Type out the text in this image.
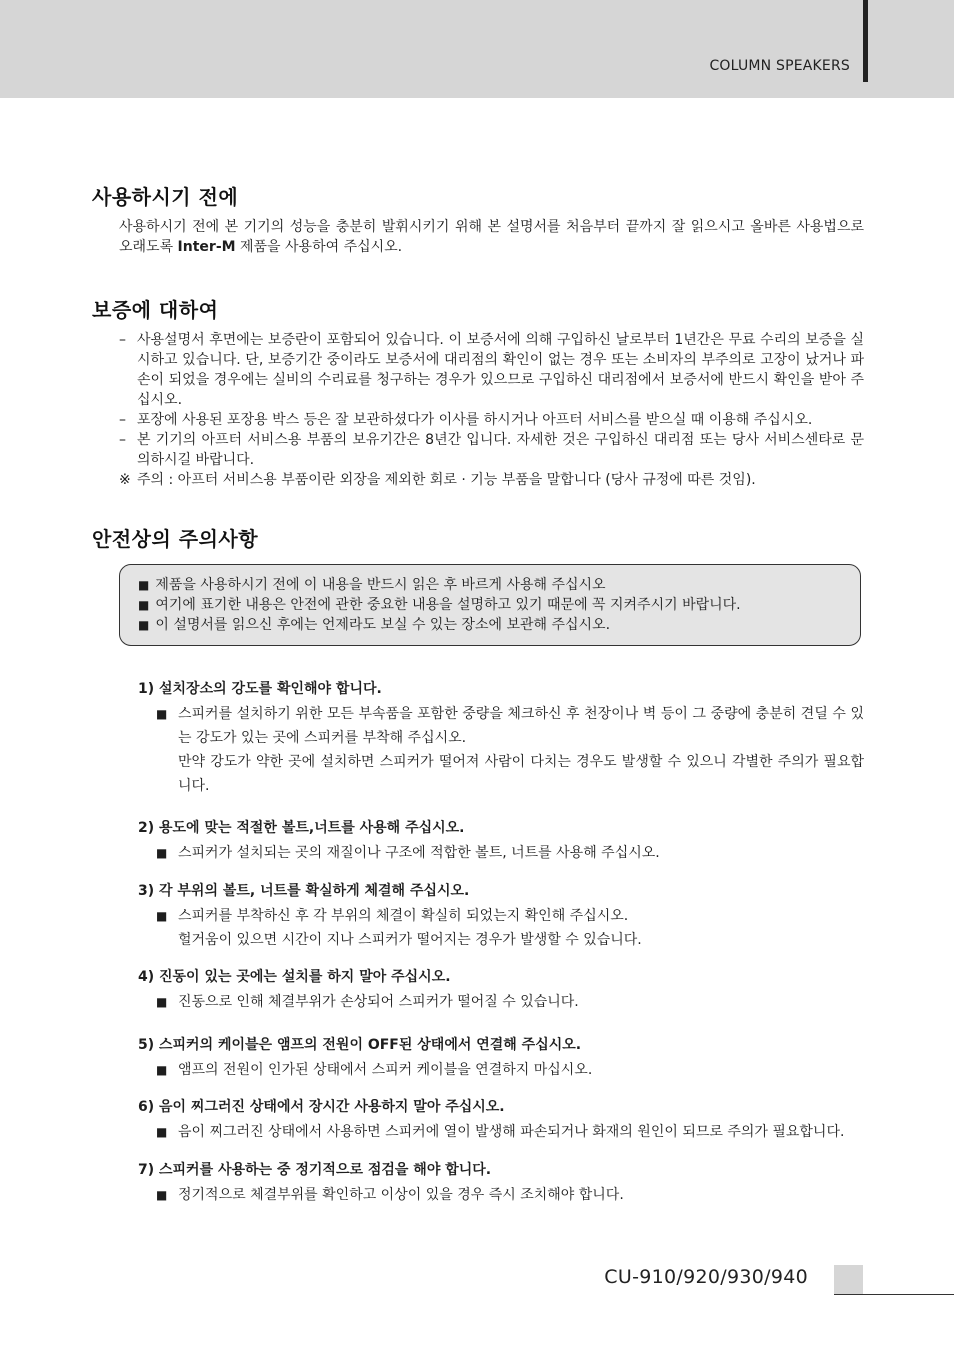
COLUMN SPEAKERS
사용하시기 전에
사용하시기 전에 본 기기의 성능을 충분히 발휘시키기 위해 본 설명서를 처음부터 끝까지 잘 읽으시고 올바른 사용법으로 오래도록 Inter-M 제품을 사용하여 주십시오.
보증에 대하여
– 사용설명서 후면에는 보증란이 포함되어 있습니다. 이 보증서에 의해 구입하신 날로부터 1년간은 무료 수리의 보증을 실시하고 있습니다. 단, 보증기간 중이라도 보증서에 대리점의 확인이 없는 경우 또는 소비자의 부주의로 고장이 났거나 파손이 되었을 경우에는 실비의 수리료를 청구하는 경우가 있으므로 구입하신 대리점에서 보증서에 반드시 확인을 받아 주십시오.
– 포장에 사용된 포장용 박스 등은 잘 보관하셨다가 이사를 하시거나 아프터 서비스를 받으실 때 이용해 주십시오.
– 본 기기의 아프터 서비스용 부품의 보유기간은 8년간 입니다. 자세한 것은 구입하신 대리점 또는 당사 서비스센타로 문의하시길 바랍니다.
※ 주의 : 아프터 서비스용 부품이란 외장을 제외한 회로 · 기능 부품을 말합니다 (당사 규정에 따른 것임).
안전상의 주의사항
■ 제품을 사용하시기 전에 이 내용을 반드시 읽은 후 바르게 사용해 주십시오
■ 여기에 표기한 내용은 안전에 관한 중요한 내용을 설명하고 있기 때문에 꼭 지켜주시기 바랍니다.
■ 이 설명서를 읽으신 후에는 언제라도 보실 수 있는 장소에 보관해 주십시오.
1) 설치장소의 강도를 확인해야 합니다.
■ 스피커를 설치하기 위한 모든 부속품을 포함한 중량을 체크하신 후 천장이나 벽 등이 그 중량에 충분히 견딜 수 있는 강도가 있는 곳에 스피커를 부착해 주십시오.
만약 강도가 약한 곳에 설치하면 스피커가 떨어져 사람이 다치는 경우도 발생할 수 있으니 각별한 주의가 필요합니다.
2) 용도에 맞는 적절한 볼트,너트를 사용해 주십시오.
■ 스피커가 설치되는 곳의 재질이나 구조에 적합한 볼트, 너트를 사용해 주십시오.
3) 각 부위의 볼트, 너트를 확실하게 체결해 주십시오.
■ 스피커를 부착하신 후 각 부위의 체결이 확실히 되었는지 확인해 주십시오.
헐거움이 있으면 시간이 지나 스피커가 떨어지는 경우가 발생할 수 있습니다.
4) 진동이 있는 곳에는 설치를 하지 말아 주십시오.
■ 진동으로 인해 체결부위가 손상되어 스피커가 떨어질 수 있습니다.
5) 스피커의 케이블은 앰프의 전원이 OFF된 상태에서 연결해 주십시오.
■ 앰프의 전원이 인가된 상태에서 스피커 케이블을 연결하지 마십시오.
6) 음이 찌그러진 상태에서 장시간 사용하지 말아 주십시오.
■ 음이 찌그러진 상태에서 사용하면 스피커에 열이 발생해 파손되거나 화재의 원인이 되므로 주의가 필요합니다.
7) 스피커를 사용하는 중 정기적으로 점검을 해야 합니다.
■ 정기적으로 체결부위를 확인하고 이상이 있을 경우 즉시 조치해야 합니다.
CU-910/920/930/940
